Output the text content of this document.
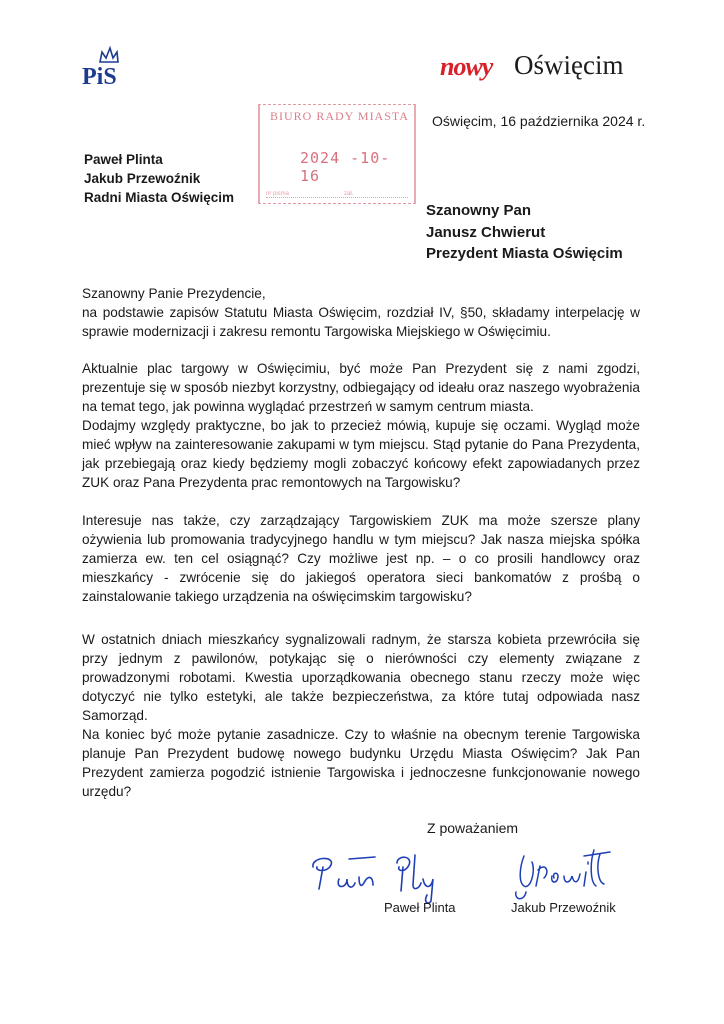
PiS	nowy Oświęcim
BIURO RADY MIASTA
2024 -10- 16
nr pisma	zał.
Oświęcim, 16 października 2024 r.
Paweł Plinta
Jakub Przewoźnik
Radni Miasta Oświęcim
Szanowny Pan
Janusz Chwierut
Prezydent Miasta Oświęcim

Szanowny Panie Prezydencie,

na podstawie zapisów Statutu Miasta Oświęcim, rozdział IV, §50, składamy interpelację w sprawie modernizacji i zakresu remontu Targowiska Miejskiego w Oświęcimiu.

Aktualnie plac targowy w Oświęcimiu, być może Pan Prezydent się z nami zgodzi, prezentuje się w sposób niezbyt korzystny, odbiegający od ideału oraz naszego wyobrażenia na temat tego, jak powinna wyglądać przestrzeń w samym centrum miasta.

Dodajmy względy praktyczne, bo jak to przecież mówią, kupuje się oczami. Wygląd może mieć wpływ na zainteresowanie zakupami w tym miejscu. Stąd pytanie do Pana Prezydenta, jak przebiegają oraz kiedy będziemy mogli zobaczyć końcowy efekt zapowiadanych przez ZUK oraz Pana Prezydenta prac remontowych na Targowisku?

Interesuje nas także, czy zarządzający Targowiskiem ZUK ma może szersze plany ożywienia lub promowania tradycyjnego handlu w tym miejscu? Jak nasza miejska spółka zamierza ew. ten cel osiągnąć? Czy możliwe jest np. – o co prosili handlowcy oraz mieszkańcy - zwrócenie się do jakiegoś operatora sieci bankomatów z prośbą o zainstalowanie takiego urządzenia na oświęcimskim targowisku?

W ostatnich dniach mieszkańcy sygnalizowali radnym, że starsza kobieta przewróciła się przy jednym z pawilonów, potykając się o nierówności czy elementy związane z prowadzonymi robotami. Kwestia uporządkowania obecnego stanu rzeczy może więc dotyczyć nie tylko estetyki, ale także bezpieczeństwa, za które tutaj odpowiada nasz Samorząd.

Na koniec być może pytanie zasadnicze. Czy to właśnie na obecnym terenie Targowiska planuje Pan Prezydent budowę nowego budynku Urzędu Miasta Oświęcim? Jak Pan Prezydent zamierza pogodzić istnienie Targowiska i jednoczesne funkcjonowanie nowego urzędu?

Z poważaniem
Paweł Plinta	Jakub Przewoźnik
